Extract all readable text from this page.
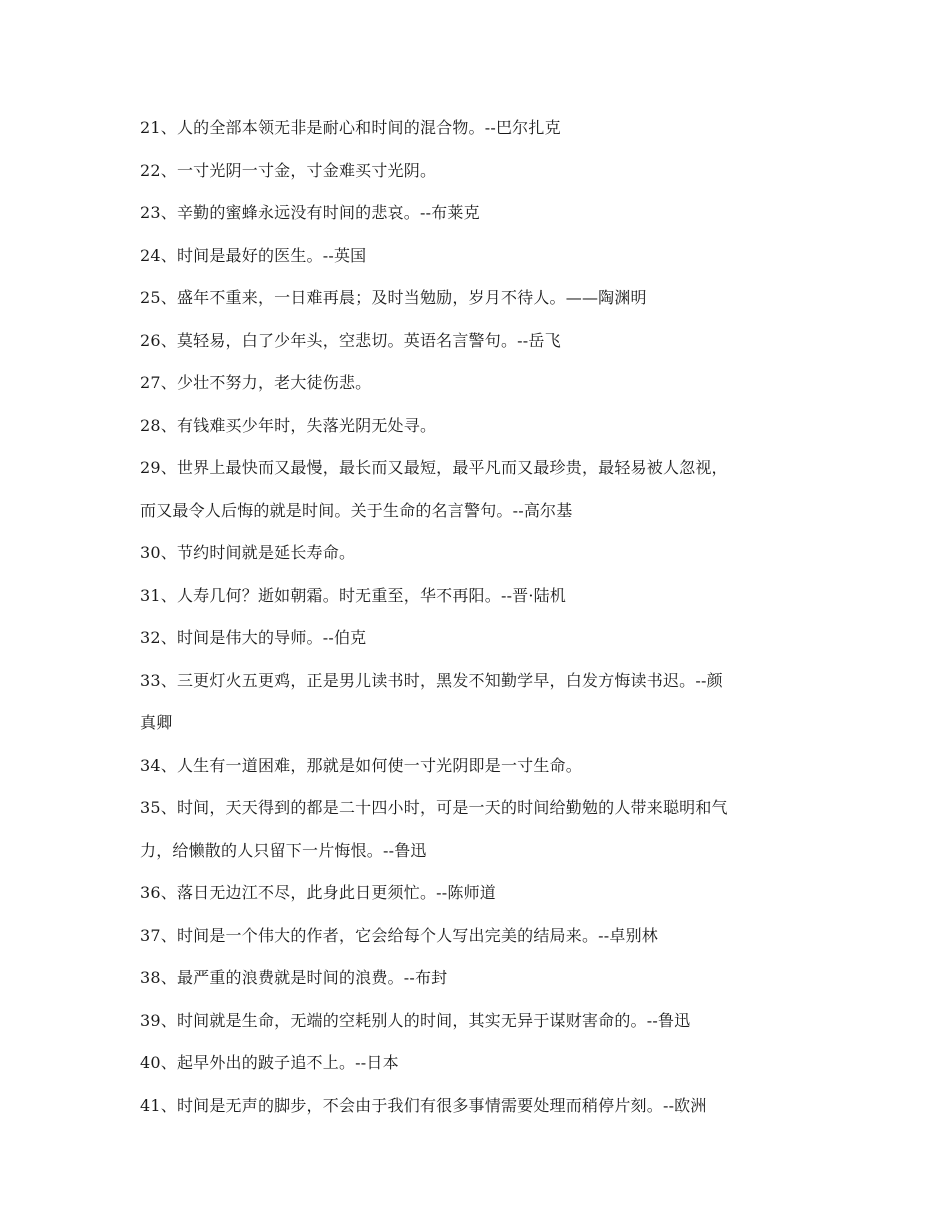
21、人的全部本领无非是耐心和时间的混合物。--巴尔扎克
22、一寸光阴一寸金，寸金难买寸光阴。
23、辛勤的蜜蜂永远没有时间的悲哀。--布莱克
24、时间是最好的医生。--英国
25、盛年不重来，一日难再晨；及时当勉励，岁月不待人。——陶渊明
26、莫轻易，白了少年头，空悲切。英语名言警句。--岳飞
27、少壮不努力，老大徒伤悲。
28、有钱难买少年时，失落光阴无处寻。
29、世界上最快而又最慢，最长而又最短，最平凡而又最珍贵，最轻易被人忽视，
而又最令人后悔的就是时间。关于生命的名言警句。--高尔基
30、节约时间就是延长寿命。
31、人寿几何？逝如朝霜。时无重至，华不再阳。--晋·陆机
32、时间是伟大的导师。--伯克
33、三更灯火五更鸡，正是男儿读书时，黑发不知勤学早，白发方悔读书迟。--颜
真卿
34、人生有一道困难，那就是如何使一寸光阴即是一寸生命。
35、时间，天天得到的都是二十四小时，可是一天的时间给勤勉的人带来聪明和气
力，给懒散的人只留下一片悔恨。--鲁迅
36、落日无边江不尽，此身此日更须忙。--陈师道
37、时间是一个伟大的作者，它会给每个人写出完美的结局来。--卓别林
38、最严重的浪费就是时间的浪费。--布封
39、时间就是生命，无端的空耗别人的时间，其实无异于谋财害命的。--鲁迅
40、起早外出的跛子追不上。--日本
41、时间是无声的脚步，不会由于我们有很多事情需要处理而稍停片刻。--欧洲
